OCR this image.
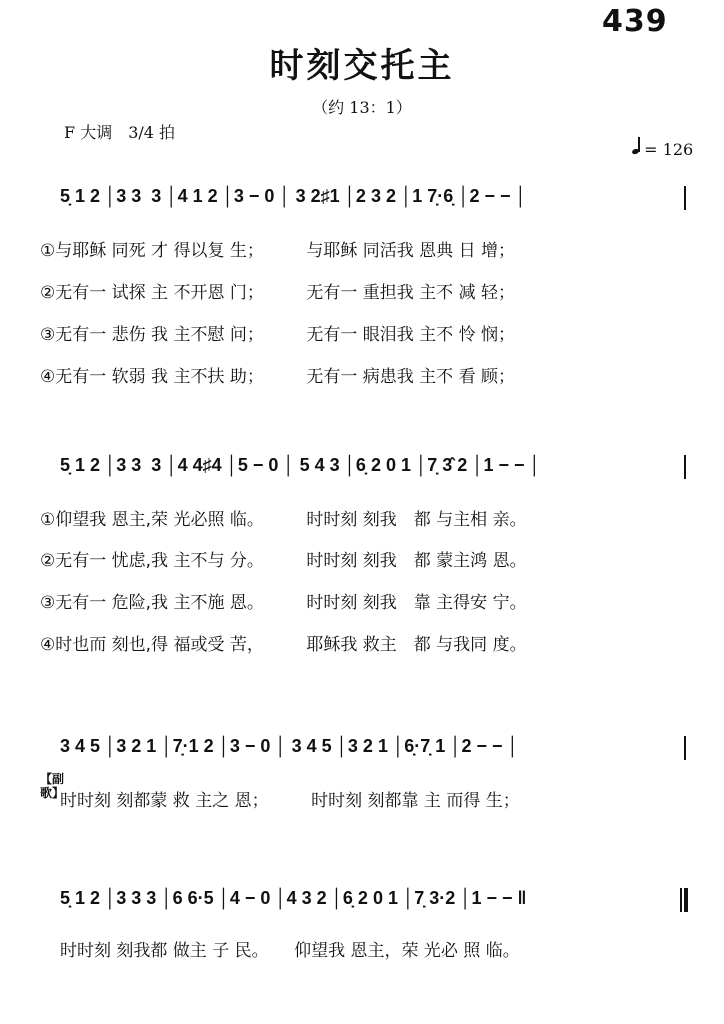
439
时刻交托主
（约 13：1）
F 大调　3/4 拍

= 126

5̣ 1 2 │3 3  3 │4 1 2 │3 − 0 │ 3 2♯1 │2 3 2 │1 7̣·6̣ │2 − − │
①与耶稣 同死 才 得以复 生；　　　与耶稣 同活我 恩典 日 增；
②无有一 试探 主 不开恩 门；　　　无有一 重担我 主不 减 轻；
③无有一 悲伤 我 主不慰 问；　　　无有一 眼泪我 主不 怜 悯；
④无有一 软弱 我 主不扶 助；　　　无有一 病患我 主不 看 顾；
5̣ 1 2 │3 3  3 │4 4♯4 │5 − 0 │ 5 4 3 │6̣ 2 0 1 │7̣ 3̂ 2 │1 − − │
①仰望我 恩主,荣 光必照 临。　　　时时刻 刻我　都 与主相 亲。
②无有一 忧虑,我 主不与 分。　　　时时刻 刻我　都 蒙主鸿 恩。
③无有一 危险,我 主不施 恩。　　　时时刻 刻我　靠 主得安 宁。
④时也而 刻也,得 福或受 苦，　　　耶稣我 救主　都 与我同 度。
3 4 5 │3 2 1 │7̣·1 2 │3 − 0 │ 3 4 5 │3 2 1 │6̣·7̣ 1 │2 − − │
【副歌】
时时刻 刻都蒙 救 主之 恩；　　　时时刻 刻都靠 主 而得 生；
5̣ 1 2 │3 3 3 │6 6·5 │4 − 0 │4 3 2 │6̣ 2 0 1 │7̣ 3·2 │1 − − ‖
时时刻 刻我都 做主 子 民。　　仰望我 恩主，荣 光必 照 临。
